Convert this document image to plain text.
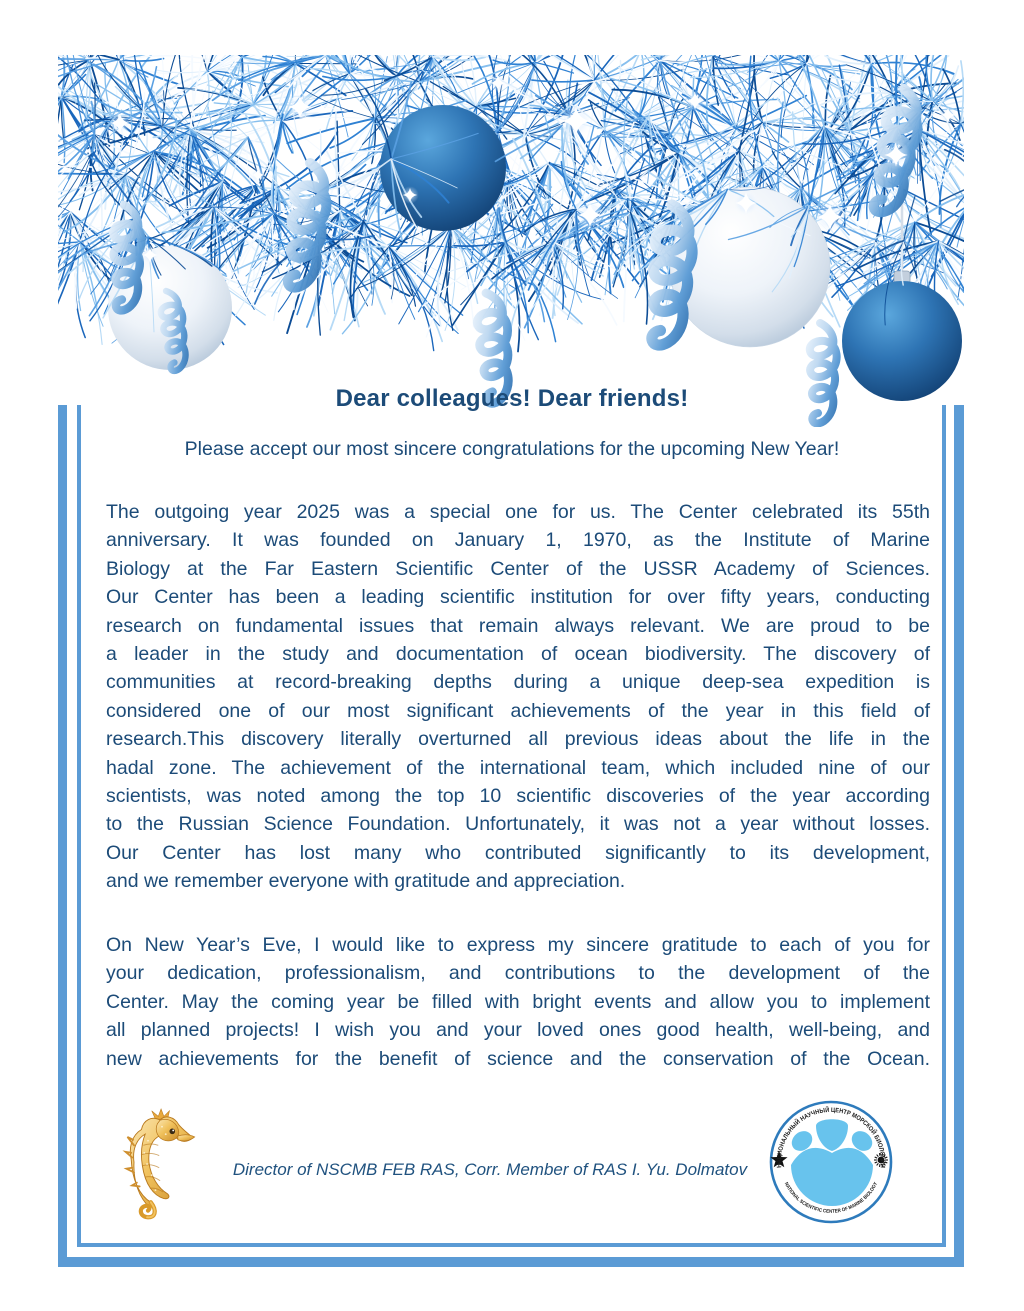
Dear colleagues! Dear friends!
Please accept our most sincere congratulations for the upcoming New Year!
The outgoing year 2025 was a special one for us. The Center celebrated its 55th
anniversary. It was founded on January 1, 1970, as the Institute of Marine
Biology at the Far Eastern Scientific Center of the USSR Academy of Sciences.
Our Center has been a leading scientific institution for over fifty years, conducting
research on fundamental issues that remain always relevant. We are proud to be
a leader in the study and documentation of ocean biodiversity. The discovery of
communities at record-breaking depths during a unique deep-sea expedition is
considered one of our most significant achievements of the year in this field of
research.This discovery literally overturned all previous ideas about the life in the
hadal zone. The achievement of the international team, which included nine of our
scientists, was noted among the top 10 scientific discoveries of the year according
to the Russian Science Foundation. Unfortunately, it was not a year without losses.
Our Center has lost many who contributed significantly to its development,
and we remember everyone with gratitude and appreciation.
On New Year’s Eve, I would like to express my sincere gratitude to each of you for
your dedication, professionalism, and contributions to the development of the
Center. May the coming year be filled with bright events and allow you to implement
all planned projects! I wish you and your loved ones good health, well-being, and
new achievements for the benefit of science and the conservation of the Ocean.
Director of NSCMB FEB RAS, Corr. Member of RAS I. Yu. Dolmatov	НАЦИОНАЛЬНЫЙ НАУЧНЫЙ ЦЕНТР МОРСКОЙ БИОЛОГИИ
NATIONAL SCIENTIFIC CENTER OF MARINE BIOLOGY
